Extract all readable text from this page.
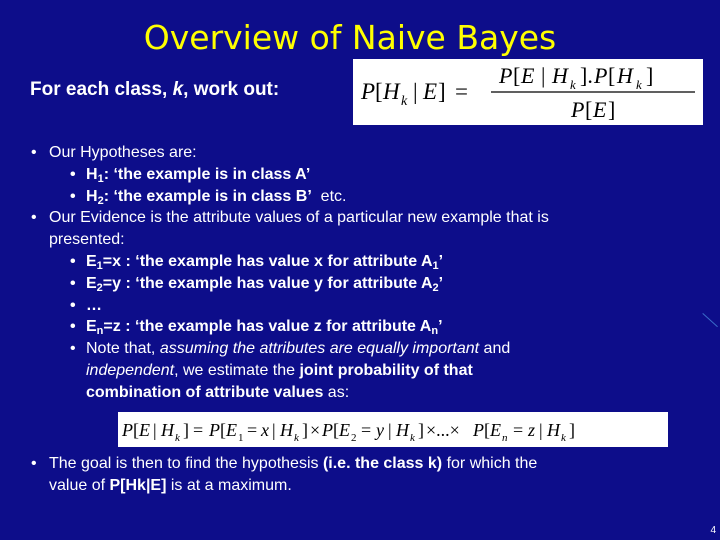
Overview of Naive Bayes
For each class, k, work out:	P [ H k | E ] =
P [ E | H k ]. P [ H k ]
P [ E ]
• Our Hypotheses are:
• $H_1$: ‘the example is in class A’
• $H_2$: ‘the example is in class B’  etc.
• Our Evidence is the attribute values of a particular new example that is
presented:
• $E_1=x$ : ‘the example has value x for attribute $A_1$’
• $E_2=y$ : ‘the example has value y for attribute $A_2$’
• …
• $E_n=z$ : ‘the example has value z for attribute $A_n$’
• Note that, assuming the attributes are equally important and
independent, we estimate the joint probability of that
combination of attribute values as:
P [ E | H k ] = P [ E 1 = x | H k ] × P [ E 2 = y | H k ] ×...× P [ E n = z | H k ]
• The goal is then to find the hypothesis (i.e. the class k) for which the
value of P[Hk|E] is at a maximum.
4
